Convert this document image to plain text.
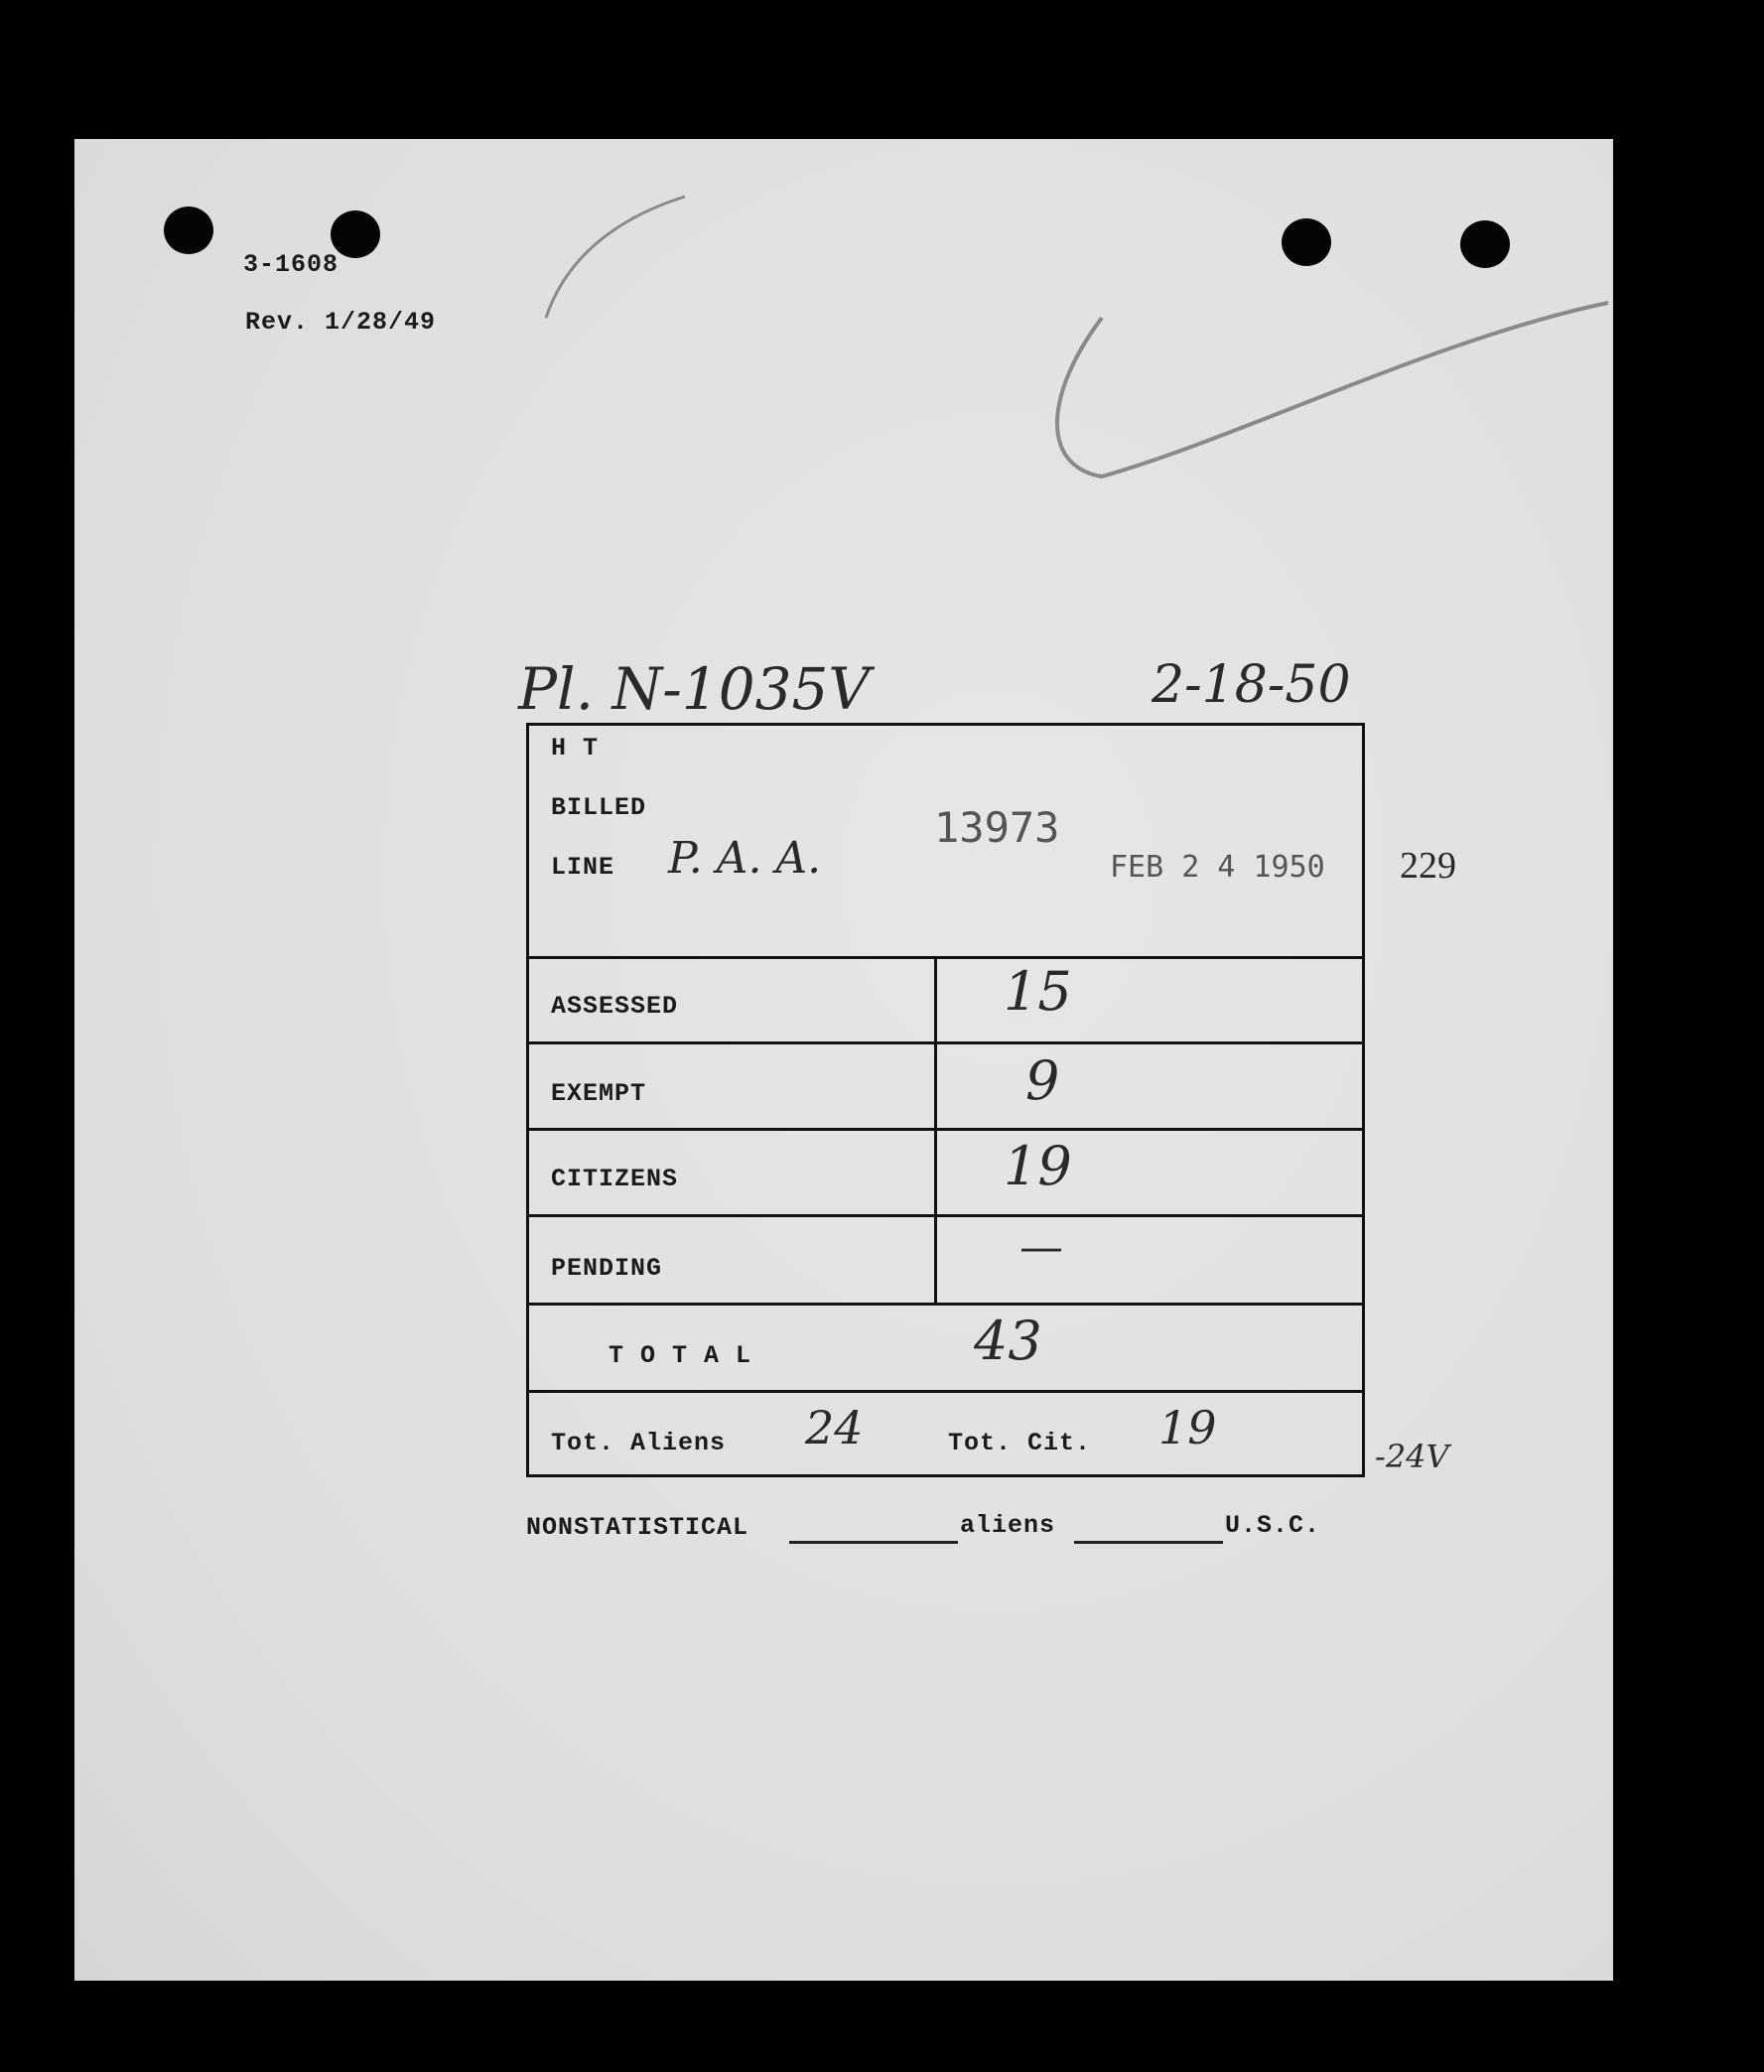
3-1608
Rev. 1/28/49
Pl. N-1035V	2-18-50
229
-24V
H T
BILLED
LINE P. A. A.
13973
FEB 2 4 1950
ASSESSED	15
EXEMPT	9
CITIZENS	19
PENDING	—
T O T A L	43
Tot. Aliens 24	Tot. Cit. 19
NONSTATISTICAL	aliens	U.S.C.
